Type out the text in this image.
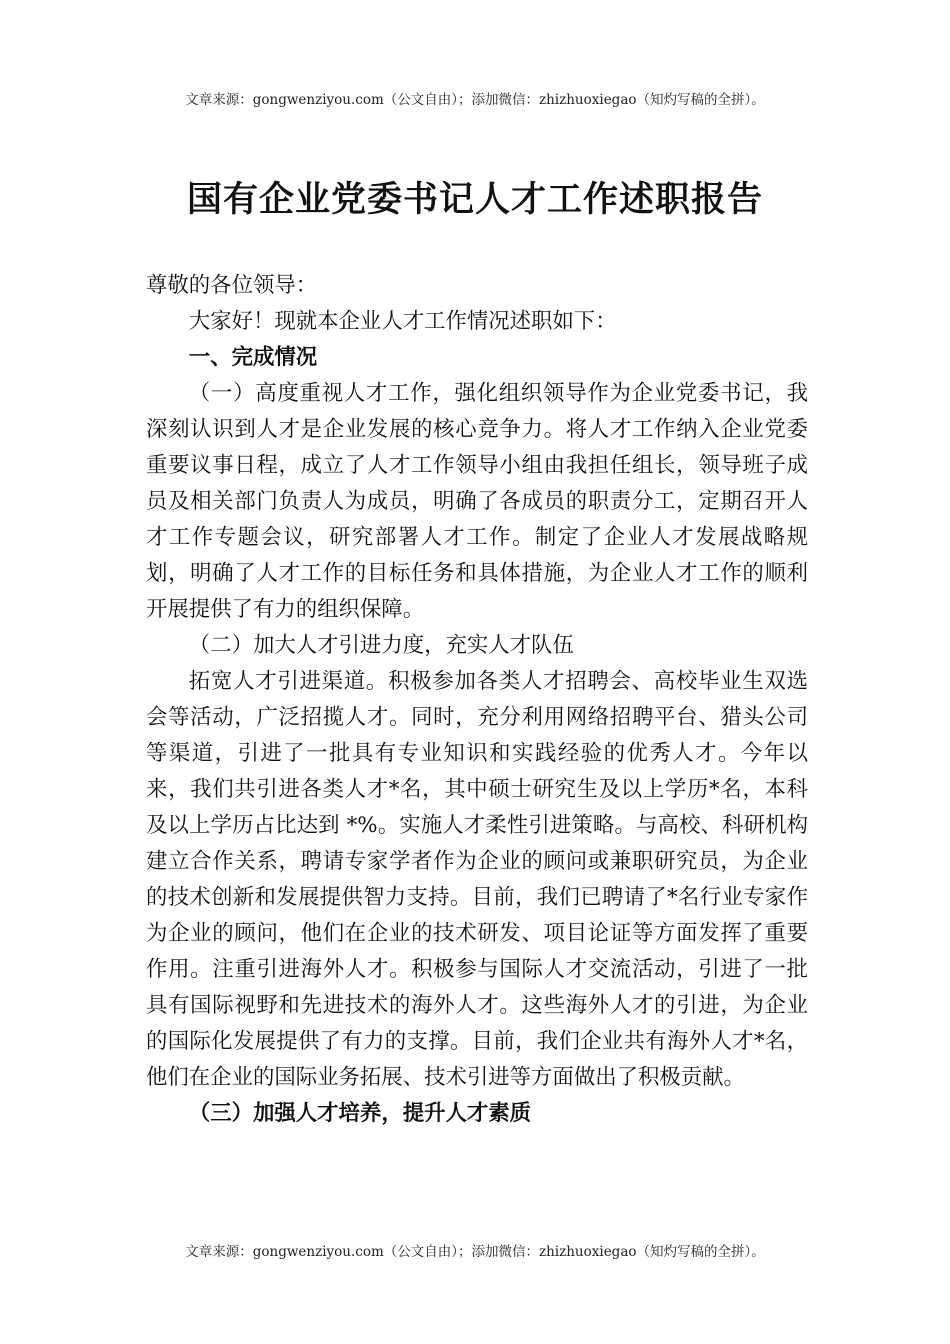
文章来源：gongwenziyou.com（公文自由）；添加微信：zhizhuoxiegao（知灼写稿的全拼）。
国有企业党委书记人才工作述职报告

尊敬的各位领导：

大家好！现就本企业人才工作情况述职如下：

一、完成情况

（一）高度重视人才工作，强化组织领导作为企业党委书记，我深刻认识到人才是企业发展的核心竞争力。将人才工作纳入企业党委重要议事日程，成立了人才工作领导小组由我担任组长，领导班子成员及相关部门负责人为成员，明确了各成员的职责分工，定期召开人才工作专题会议，研究部署人才工作。制定了企业人才发展战略规划，明确了人才工作的目标任务和具体措施，为企业人才工作的顺利开展提供了有力的组织保障。

（二）加大人才引进力度，充实人才队伍

拓宽人才引进渠道。积极参加各类人才招聘会、高校毕业生双选会等活动，广泛招揽人才。同时，充分利用网络招聘平台、猎头公司等渠道，引进了一批具有专业知识和实践经验的优秀人才。今年以来，我们共引进各类人才*名，其中硕士研究生及以上学历*名，本科及以上学历占比达到 *%。实施人才柔性引进策略。与高校、科研机构建立合作关系，聘请专家学者作为企业的顾问或兼职研究员，为企业的技术创新和发展提供智力支持。目前，我们已聘请了*名行业专家作为企业的顾问，他们在企业的技术研发、项目论证等方面发挥了重要作用。注重引进海外人才。积极参与国际人才交流活动，引进了一批具有国际视野和先进技术的海外人才。这些海外人才的引进，为企业的国际化发展提供了有力的支撑。目前，我们企业共有海外人才*名，他们在企业的国际业务拓展、技术引进等方面做出了积极贡献。

（三）加强人才培养，提升人才素质

文章来源：gongwenziyou.com（公文自由）；添加微信：zhizhuoxiegao（知灼写稿的全拼）。
